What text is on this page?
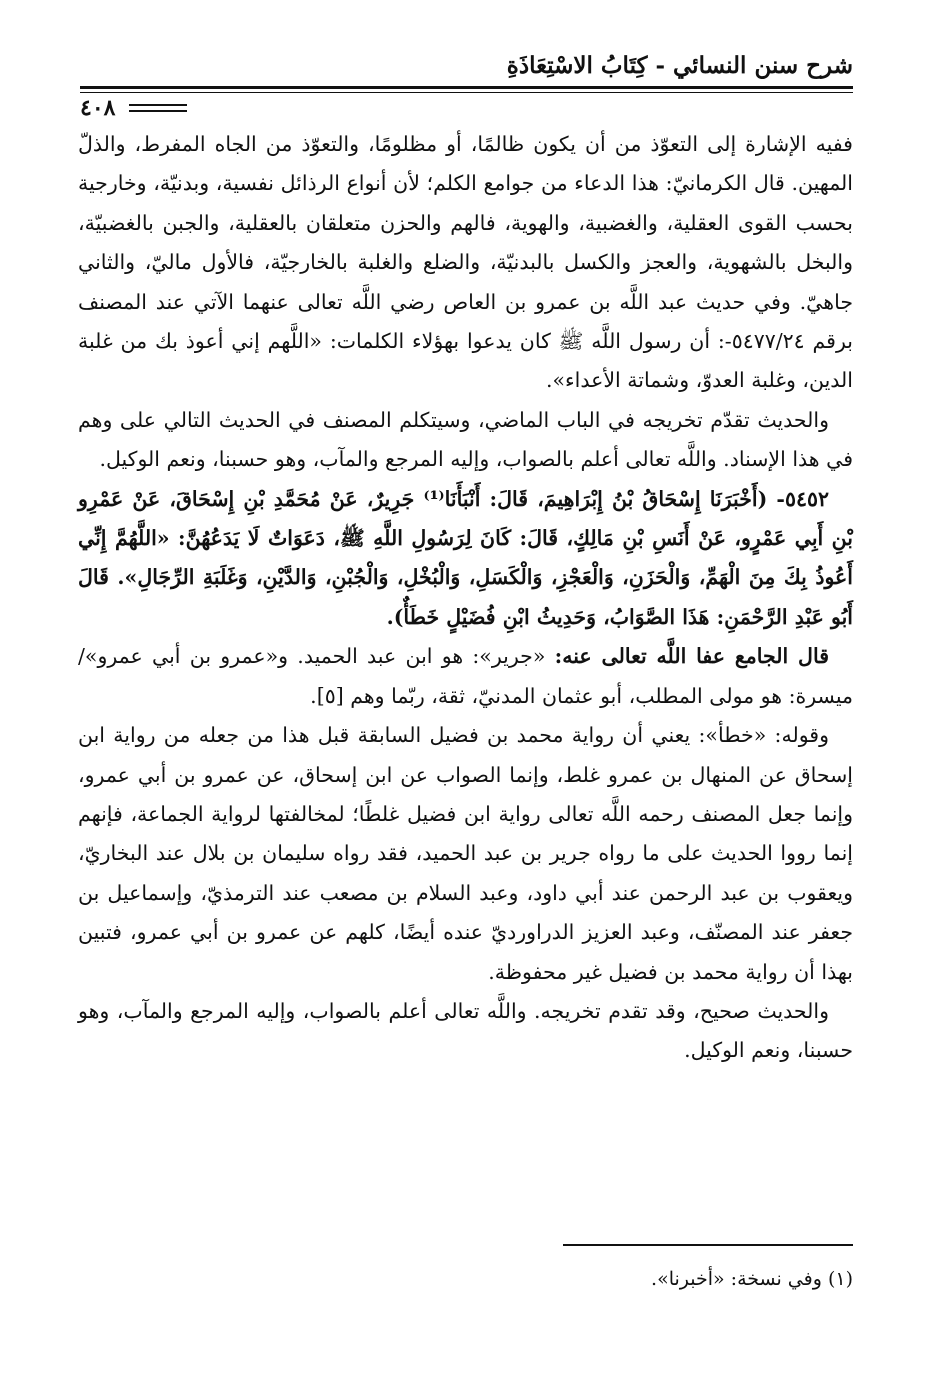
شرح سنن النسائي - كِتَابُ الاسْتِعَاذَةِ
٤٠٨

ففيه الإشارة إلى التعوّذ من أن يكون ظالمًا، أو مظلومًا، والتعوّذ من الجاه المفرط، والذلّ المهين. قال الكرمانيّ: هذا الدعاء من جوامع الكلم؛ لأن أنواع الرذائل نفسية، وبدنيّة، وخارجية بحسب القوى العقلية، والغضبية، والهوية، فالهم والحزن متعلقان بالعقلية، والجبن بالغضبيّة، والبخل بالشهوية، والعجز والكسل بالبدنيّة، والضلع والغلبة بالخارجيّة، فالأول ماليّ، والثاني جاهيّ. وفي حديث عبد اللَّه بن عمرو بن العاص رضي اللَّه تعالى عنهما الآتي عند المصنف برقم ٥٤٧٧/٢٤-: أن رسول اللَّه ﷺ كان يدعوا بهؤلاء الكلمات: «اللَّهم إني أعوذ بك من غلبة الدين، وغلبة العدوّ، وشماتة الأعداء».

والحديث تقدّم تخريجه في الباب الماضي، وسيتكلم المصنف في الحديث التالي على وهم في هذا الإسناد. واللَّه تعالى أعلم بالصواب، وإليه المرجع والمآب، وهو حسبنا، ونعم الوكيل.

٥٤٥٢- (أَخْبَرَنَا إِسْحَاقُ بْنُ إِبْرَاهِيمَ، قَالَ: أَنْبَأَنَا⁽¹⁾ جَرِيرٌ، عَنْ مُحَمَّدِ بْنِ إِسْحَاقَ، عَنْ عَمْرِو بْنِ أَبِي عَمْرٍو، عَنْ أَنَسِ بْنِ مَالِكٍ، قَالَ: كَانَ لِرَسُولِ اللَّهِ ﷺ، دَعَوَاتٌ لَا يَدَعُهُنَّ: «اللَّهُمَّ إِنِّي أَعُوذُ بِكَ مِنَ الْهَمِّ، وَالْحَزَنِ، وَالْعَجْزِ، وَالْكَسَلِ، وَالْبُخْلِ، وَالْجُبْنِ، وَالدَّيْنِ، وَغَلَبَةِ الرِّجَالِ». قَالَ أَبُو عَبْدِ الرَّحْمَنِ: هَذَا الصَّوَابُ، وَحَدِيثُ ابْنِ فُضَيْلٍ خَطَأٌ).

قال الجامع عفا اللَّه تعالى عنه: «جرير»: هو ابن عبد الحميد. و«عمرو بن أبي عمرو»/ ميسرة: هو مولى المطلب، أبو عثمان المدنيّ، ثقة، ربّما وهم [٥].

وقوله: «خطأ»: يعني أن رواية محمد بن فضيل السابقة قبل هذا من جعله من رواية ابن إسحاق عن المنهال بن عمرو غلط، وإنما الصواب عن ابن إسحاق، عن عمرو بن أبي عمرو، وإنما جعل المصنف رحمه اللَّه تعالى رواية ابن فضيل غلطًا؛ لمخالفتها لرواية الجماعة، فإنهم إنما رووا الحديث على ما رواه جرير بن عبد الحميد، فقد رواه سليمان بن بلال عند البخاريّ، ويعقوب بن عبد الرحمن عند أبي داود، وعبد السلام بن مصعب عند الترمذيّ، وإسماعيل بن جعفر عند المصنّف، وعبد العزيز الدراورديّ عنده أيضًا، كلهم عن عمرو بن أبي عمرو، فتبين بهذا أن رواية محمد بن فضيل غير محفوظة.

والحديث صحيح، وقد تقدم تخريجه. واللَّه تعالى أعلم بالصواب، وإليه المرجع والمآب، وهو حسبنا، ونعم الوكيل.

(١) وفي نسخة: «أخبرنا».
